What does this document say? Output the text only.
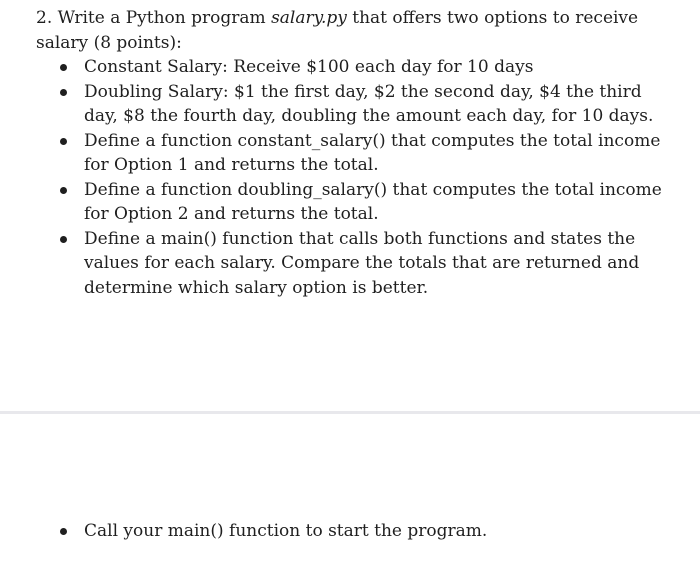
2. Write a Python program salary.py that offers two options to receive salary (8 points):

Constant Salary: Receive $100 each day for 10 days
Doubling Salary: $1 the first day, $2 the second day, $4 the third day, $8 the fourth day, doubling the amount each day, for 10 days.
Define a function constant_salary() that computes the total income for Option 1 and returns the total.
Define a function doubling_salary() that computes the total income for Option 2 and returns the total.
Define a main() function that calls both functions and states the values for each salary. Compare the totals that are returned and determine which salary option is better.
Call your main() function to start the program.
